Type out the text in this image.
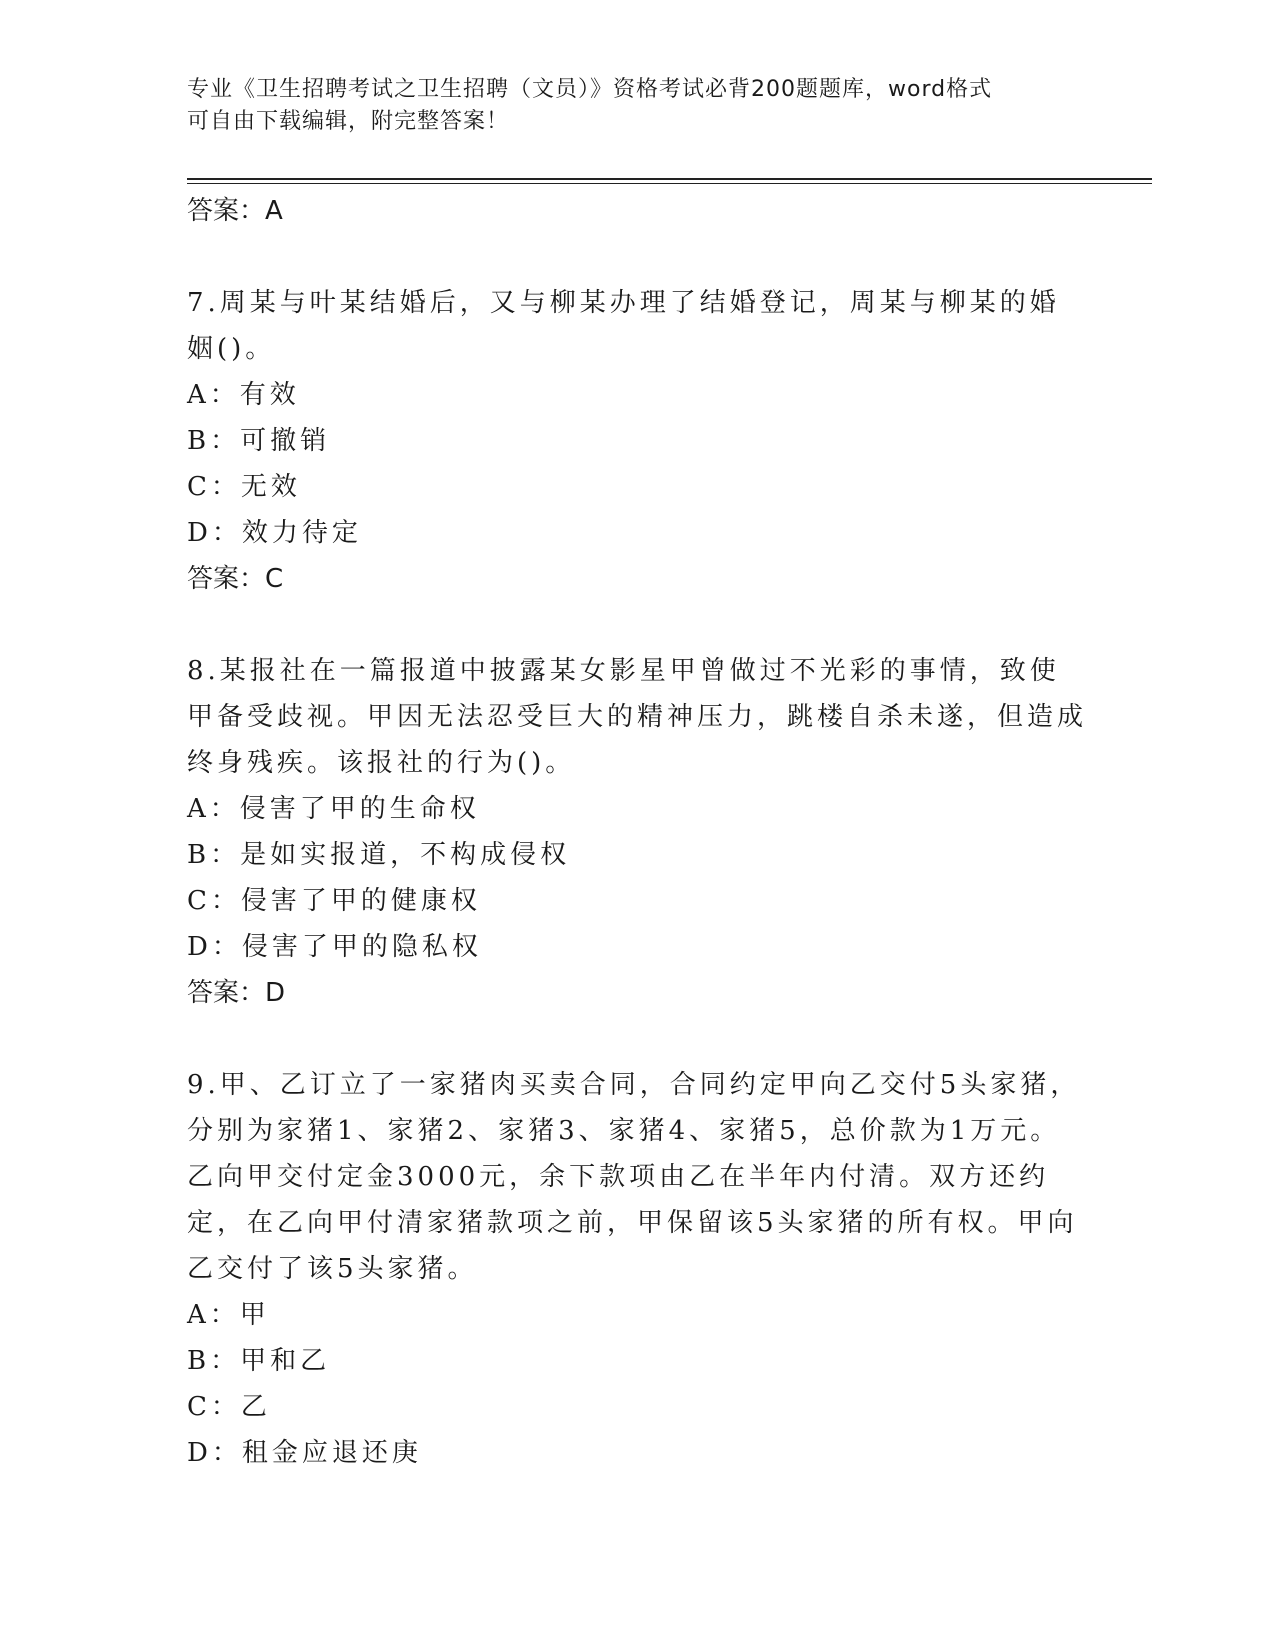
专业《卫生招聘考试之卫生招聘（文员）》资格考试必背200题题库，word格式
可自由下载编辑，附完整答案！

答案：A

7.周某与叶某结婚后，又与柳某办理了结婚登记，周某与柳某的婚姻()。

A：有效

B：可撤销

C：无效

D：效力待定

答案：C

8.某报社在一篇报道中披露某女影星甲曾做过不光彩的事情，致使甲备受歧视。甲因无法忍受巨大的精神压力，跳楼自杀未遂，但造成终身残疾。该报社的行为()。

A：侵害了甲的生命权

B：是如实报道，不构成侵权

C：侵害了甲的健康权

D：侵害了甲的隐私权

答案：D

9.甲、乙订立了一家猪肉买卖合同，合同约定甲向乙交付5头家猪，分别为家猪1、家猪2、家猪3、家猪4、家猪5，总价款为1万元。乙向甲交付定金3000元，余下款项由乙在半年内付清。双方还约定，在乙向甲付清家猪款项之前，甲保留该5头家猪的所有权。甲向乙交付了该5头家猪。

A：甲

B：甲和乙

C：乙

D：租金应退还庚
